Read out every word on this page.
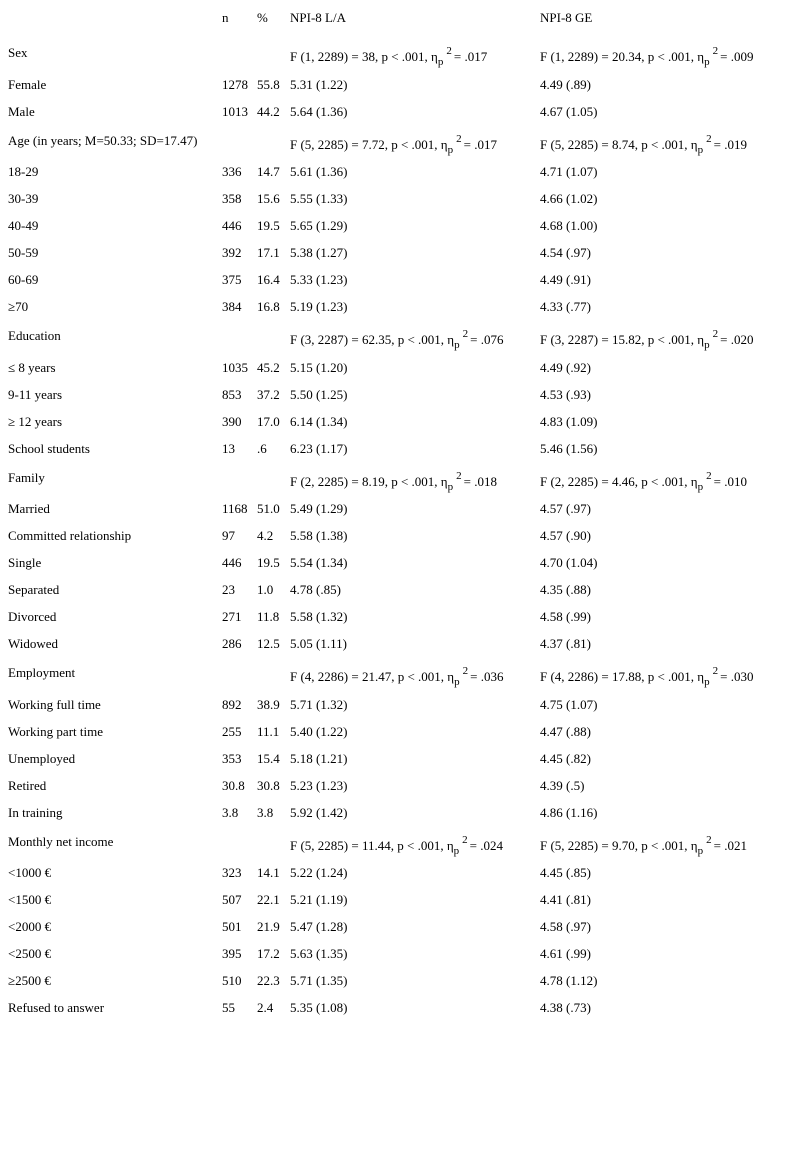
n % NPI-8 L/A	NPI-8 GE
Sex	F (1, 2289) = 38, p < .001, $\eta_p^2 = .017$	F (1, 2289) = 20.34, p < .001, $\eta_p^2 = .009$
Female	1278 55.8 5.31 (1.22)	4.49 (.89)
Male	1013 44.2 5.64 (1.36)	4.67 (1.05)
Age (in years; M=50.33; SD=17.47)	F (5, 2285) = 7.72, p < .001, $\eta_p^2 = .017$	F (5, 2285) = 8.74, p < .001, $\eta_p^2 = .019$
18-29	336 14.7 5.61 (1.36)	4.71 (1.07)
30-39	358 15.6 5.55 (1.33)	4.66 (1.02)
40-49	446 19.5 5.65 (1.29)	4.68 (1.00)
50-59	392 17.1 5.38 (1.27)	4.54 (.97)
60-69	375 16.4 5.33 (1.23)	4.49 (.91)
≥70	384 16.8 5.19 (1.23)	4.33 (.77)
Education	F (3, 2287) = 62.35, p < .001, $\eta_p^2 = .076$	F (3, 2287) = 15.82, p < .001, $\eta_p^2 = .020$
≤ 8 years	1035 45.2 5.15 (1.20)	4.49 (.92)
9-11 years	853 37.2 5.50 (1.25)	4.53 (.93)
≥ 12 years	390 17.0 6.14 (1.34)	4.83 (1.09)
School students	13 .6 6.23 (1.17)	5.46 (1.56)
Family	F (2, 2285) = 8.19, p < .001, $\eta_p^2 = .018$	F (2, 2285) = 4.46, p < .001, $\eta_p^2 = .010$
Married	1168 51.0 5.49 (1.29)	4.57 (.97)
Committed relationship	97 4.2 5.58 (1.38)	4.57 (.90)
Single	446 19.5 5.54 (1.34)	4.70 (1.04)
Separated	23 1.0 4.78 (.85)	4.35 (.88)
Divorced	271 11.8 5.58 (1.32)	4.58 (.99)
Widowed	286 12.5 5.05 (1.11)	4.37 (.81)
Employment	F (4, 2286) = 21.47, p < .001, $\eta_p^2 = .036$	F (4, 2286) = 17.88, p < .001, $\eta_p^2 = .030$
Working full time	892 38.9 5.71 (1.32)	4.75 (1.07)
Working part time	255 11.1 5.40 (1.22)	4.47 (.88)
Unemployed	353 15.4 5.18 (1.21)	4.45 (.82)
Retired	30.8 30.8 5.23 (1.23)	4.39 (.5)
In training	3.8 3.8 5.92 (1.42)	4.86 (1.16)
Monthly net income	F (5, 2285) = 11.44, p < .001, $\eta_p^2 = .024$	F (5, 2285) = 9.70, p < .001, $\eta_p^2 = .021$
<1000 €	323 14.1 5.22 (1.24)	4.45 (.85)
<1500 €	507 22.1 5.21 (1.19)	4.41 (.81)
<2000 €	501 21.9 5.47 (1.28)	4.58 (.97)
<2500 €	395 17.2 5.63 (1.35)	4.61 (.99)
≥2500 €	510 22.3 5.71 (1.35)	4.78 (1.12)
Refused to answer	55 2.4 5.35 (1.08)	4.38 (.73)
